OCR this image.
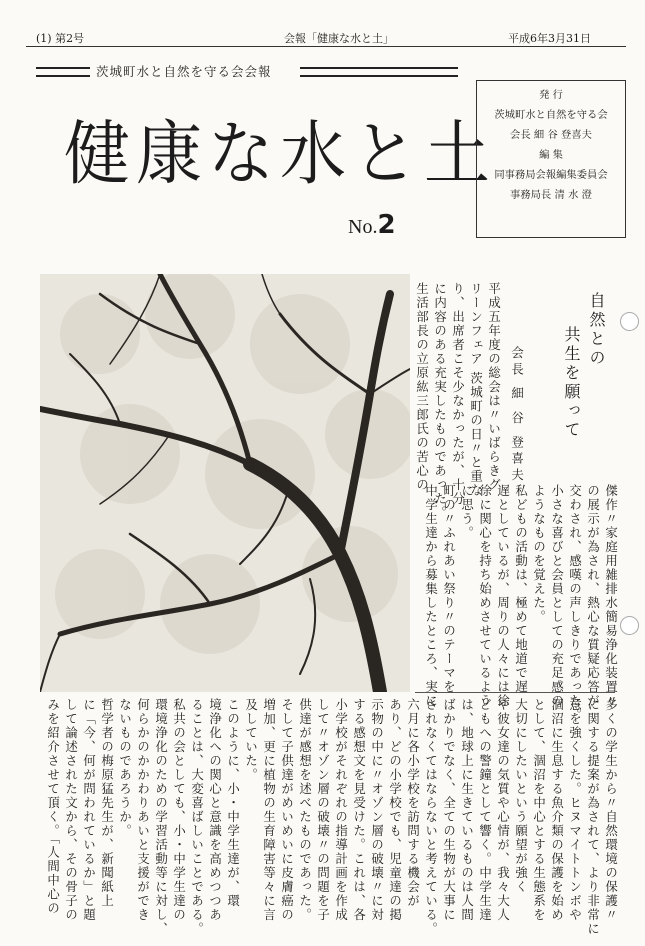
(1) 第2号	会報「健康な水と土」	平成6年3月31日
茨城町水と自然を守る会会報
健康な水と土
No.2
発 行
茨城町水と自然を守る会
会長 細 谷 登喜夫
編 集
同事務局会報編集委員会
事務局長 清 水 澄
自然との
共生を願って
会長 細 谷 登喜夫
平成五年度の総会は〃いばらきグ
リーンフェア 茨城町の日〃と重な
り、出席者こそ少なかったが、十分
に内容のある充実したものであった。
生活部長の立原紘三郎氏の苦心の
傑作〃家庭用雑排水簡易浄化装置〃
の展示が為され、熱心な質疑応答が
交わされ、感嘆の声しきりであった。
小さな喜びと会員としての充足感の
ようなものを覚えた。
私どもの活動は、極めて地道で遅
遅としているが、周りの人々には徐
徐に関心を持ち始めさせているよう
に思う。
町の〃ふれあい祭り〃のテーマを
中学生達から募集したところ、実に
多くの学生から〃自然環境の保護〃
に関する提案が為されて、より非常に
意を強くした。ヒヌマイトトンボや
涸沼に生息する魚介類の保護を始め
として、涸沼を中心とする生態系を
大切にしたいという願望が強く
や彼女達の気質や心情が、我々大人
どもへの警鐘として響く。中学生達
は、地球上に生きているものは人間
ばかりでなく、全ての生物が大事に
されなくてはならないと考えている。
六月に各小学校を訪問する機会が
あり、どの小学校でも、児童達の掲
示物の中に〃オゾン層の破壊〃に対
する感想文を見受けた。これは、各
小学校がそれぞれの指導計画を作成
して〃オゾン層の破壊〃の問題を子
供達が感想を述べたものであった。
そして子供達がめいめいに皮膚癌の
増加、更に植物の生育障害等々に言
及していた。
このように、小・中学生達が、環
境浄化への関心と意識を高めつつあ
ることは、大変喜ばしいことである。
私共の会としても、小・中学生達の
環境浄化のための学習活動等に対し、
何らかのかかわりあいと支援ができ
ないものであろうか。
哲学者の梅原猛先生が、新聞紙上
に「今、何が問われているか」と題
して論述された文から、その骨子の
みを紹介させて頂く。「人間中心の
